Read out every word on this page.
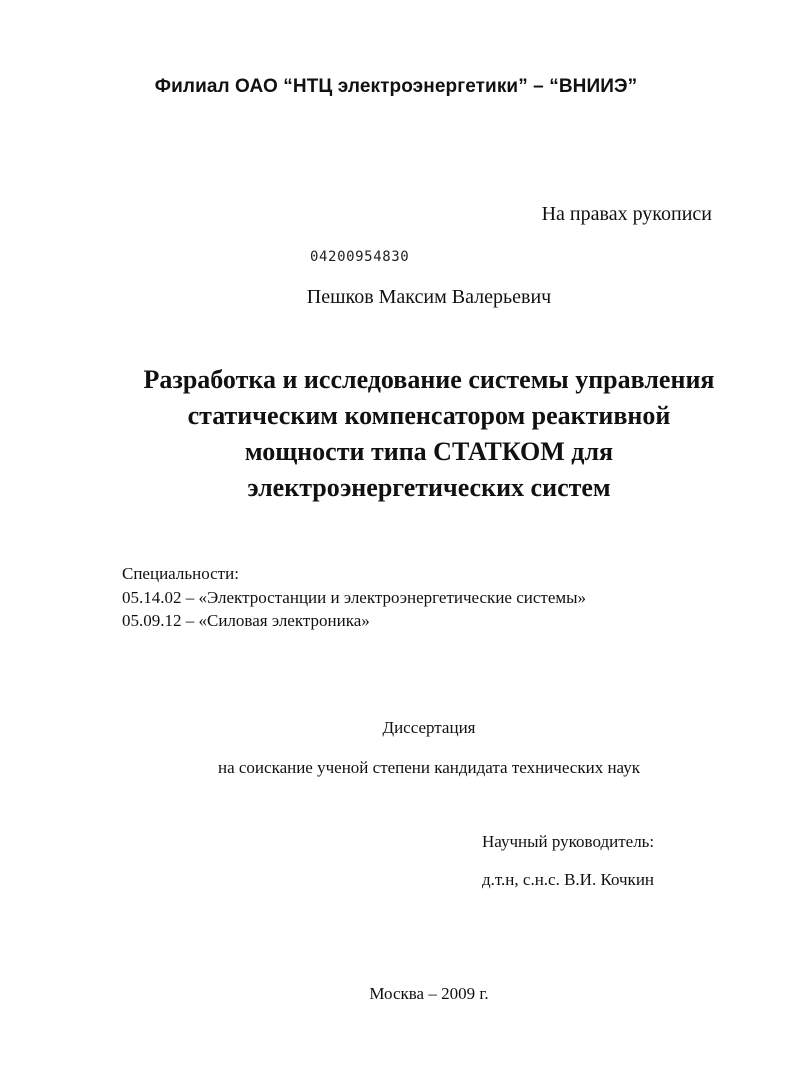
Филиал ОАО “НТЦ электроэнергетики” – “ВНИИЭ”

На правах рукописи

04200954830

Пешков Максим Валерьевич

Разработка и исследование системы управления
статическим компенсатором реактивной
мощности типа СТАТКОМ для
электроэнергетических систем
Специальности:
05.14.02 – «Электростанции и электроэнергетические системы»
05.09.12 – «Силовая электроника»

Диссертация

на соискание ученой степени кандидата технических наук

Научный руководитель:

д.т.н, с.н.с. В.И. Кочкин

Москва – 2009 г.
